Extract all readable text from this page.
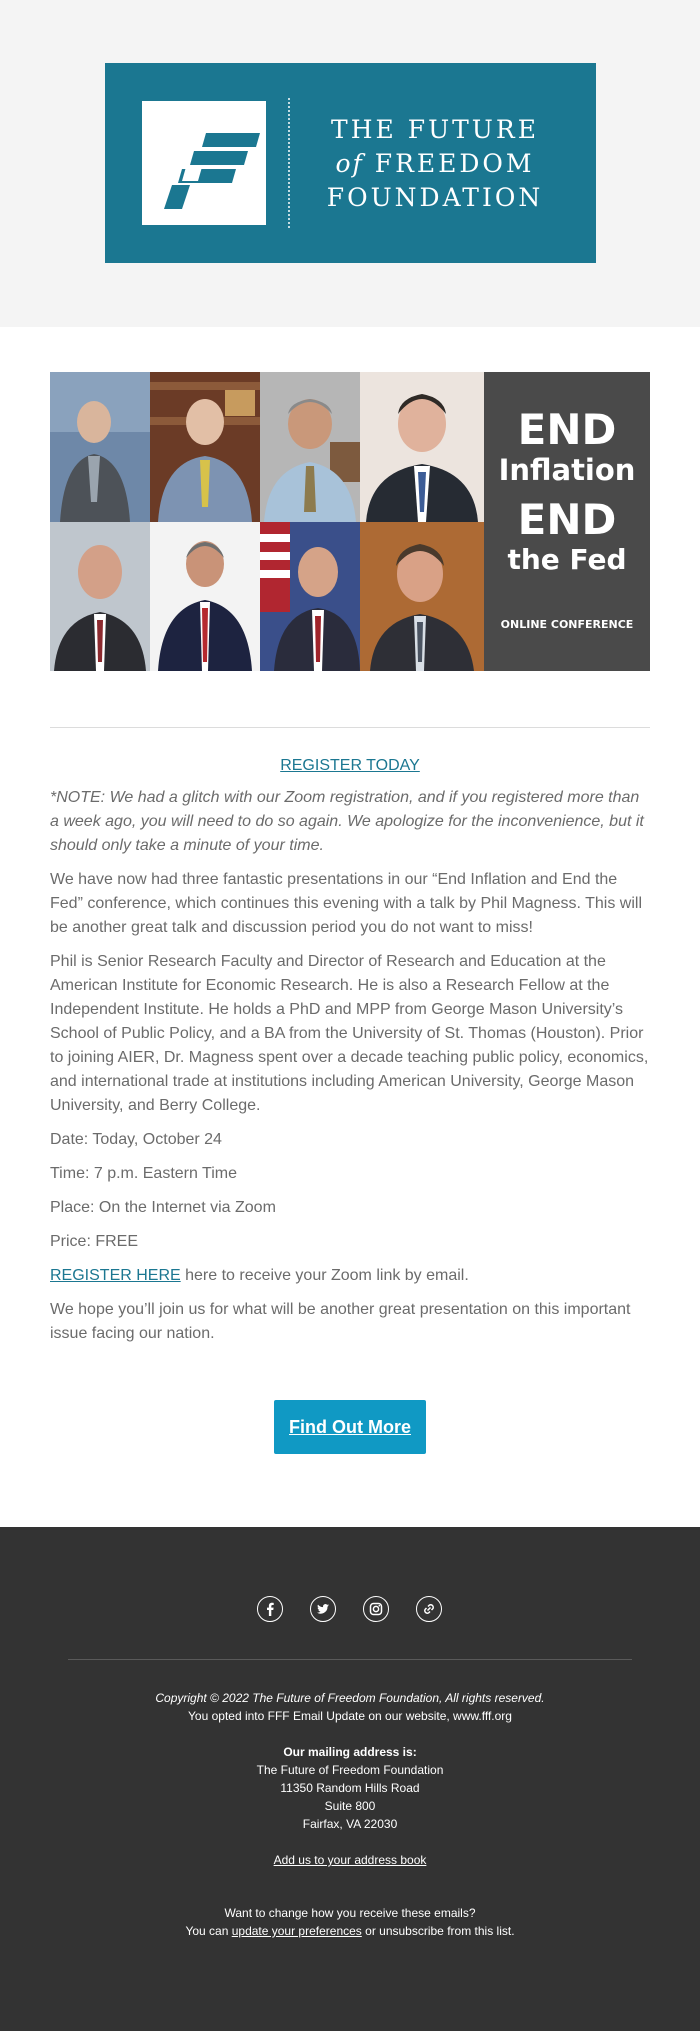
THE FUTURE
of FREEDOM
FOUNDATION
END
Inflation
END
the Fed
ONLINE CONFERENCE
REGISTER TODAY

*NOTE: We had a glitch with our Zoom registration, and if you registered more than a week ago, you will need to do so again. We apologize for the inconvenience, but it should only take a minute of your time.

We have now had three fantastic presentations in our “End Inflation and End the Fed” conference, which continues this evening with a talk by Phil Magness. This will be another great talk and discussion period you do not want to miss!

Phil is Senior Research Faculty and Director of Research and Education at the American Institute for Economic Research. He is also a Research Fellow at the Independent Institute. He holds a PhD and MPP from George Mason University’s School of Public Policy, and a BA from the University of St. Thomas (Houston). Prior to joining AIER, Dr. Magness spent over a decade teaching public policy, economics, and international trade at institutions including American University, George Mason University, and Berry College.

Date: Today, October 24

Time: 7 p.m. Eastern Time

Place: On the Internet via Zoom

Price: FREE

REGISTER HERE here to receive your Zoom link by email.

We hope you’ll join us for what will be another great presentation on this important issue facing our nation.

Find Out More
Copyright © 2022 The Future of Freedom Foundation, All rights reserved.
You opted into FFF Email Update on our website, www.fff.org
Our mailing address is:
The Future of Freedom Foundation
11350 Random Hills Road
Suite 800
Fairfax, VA 22030
Add us to your address book
Want to change how you receive these emails?
You can update your preferences or unsubscribe from this list.
